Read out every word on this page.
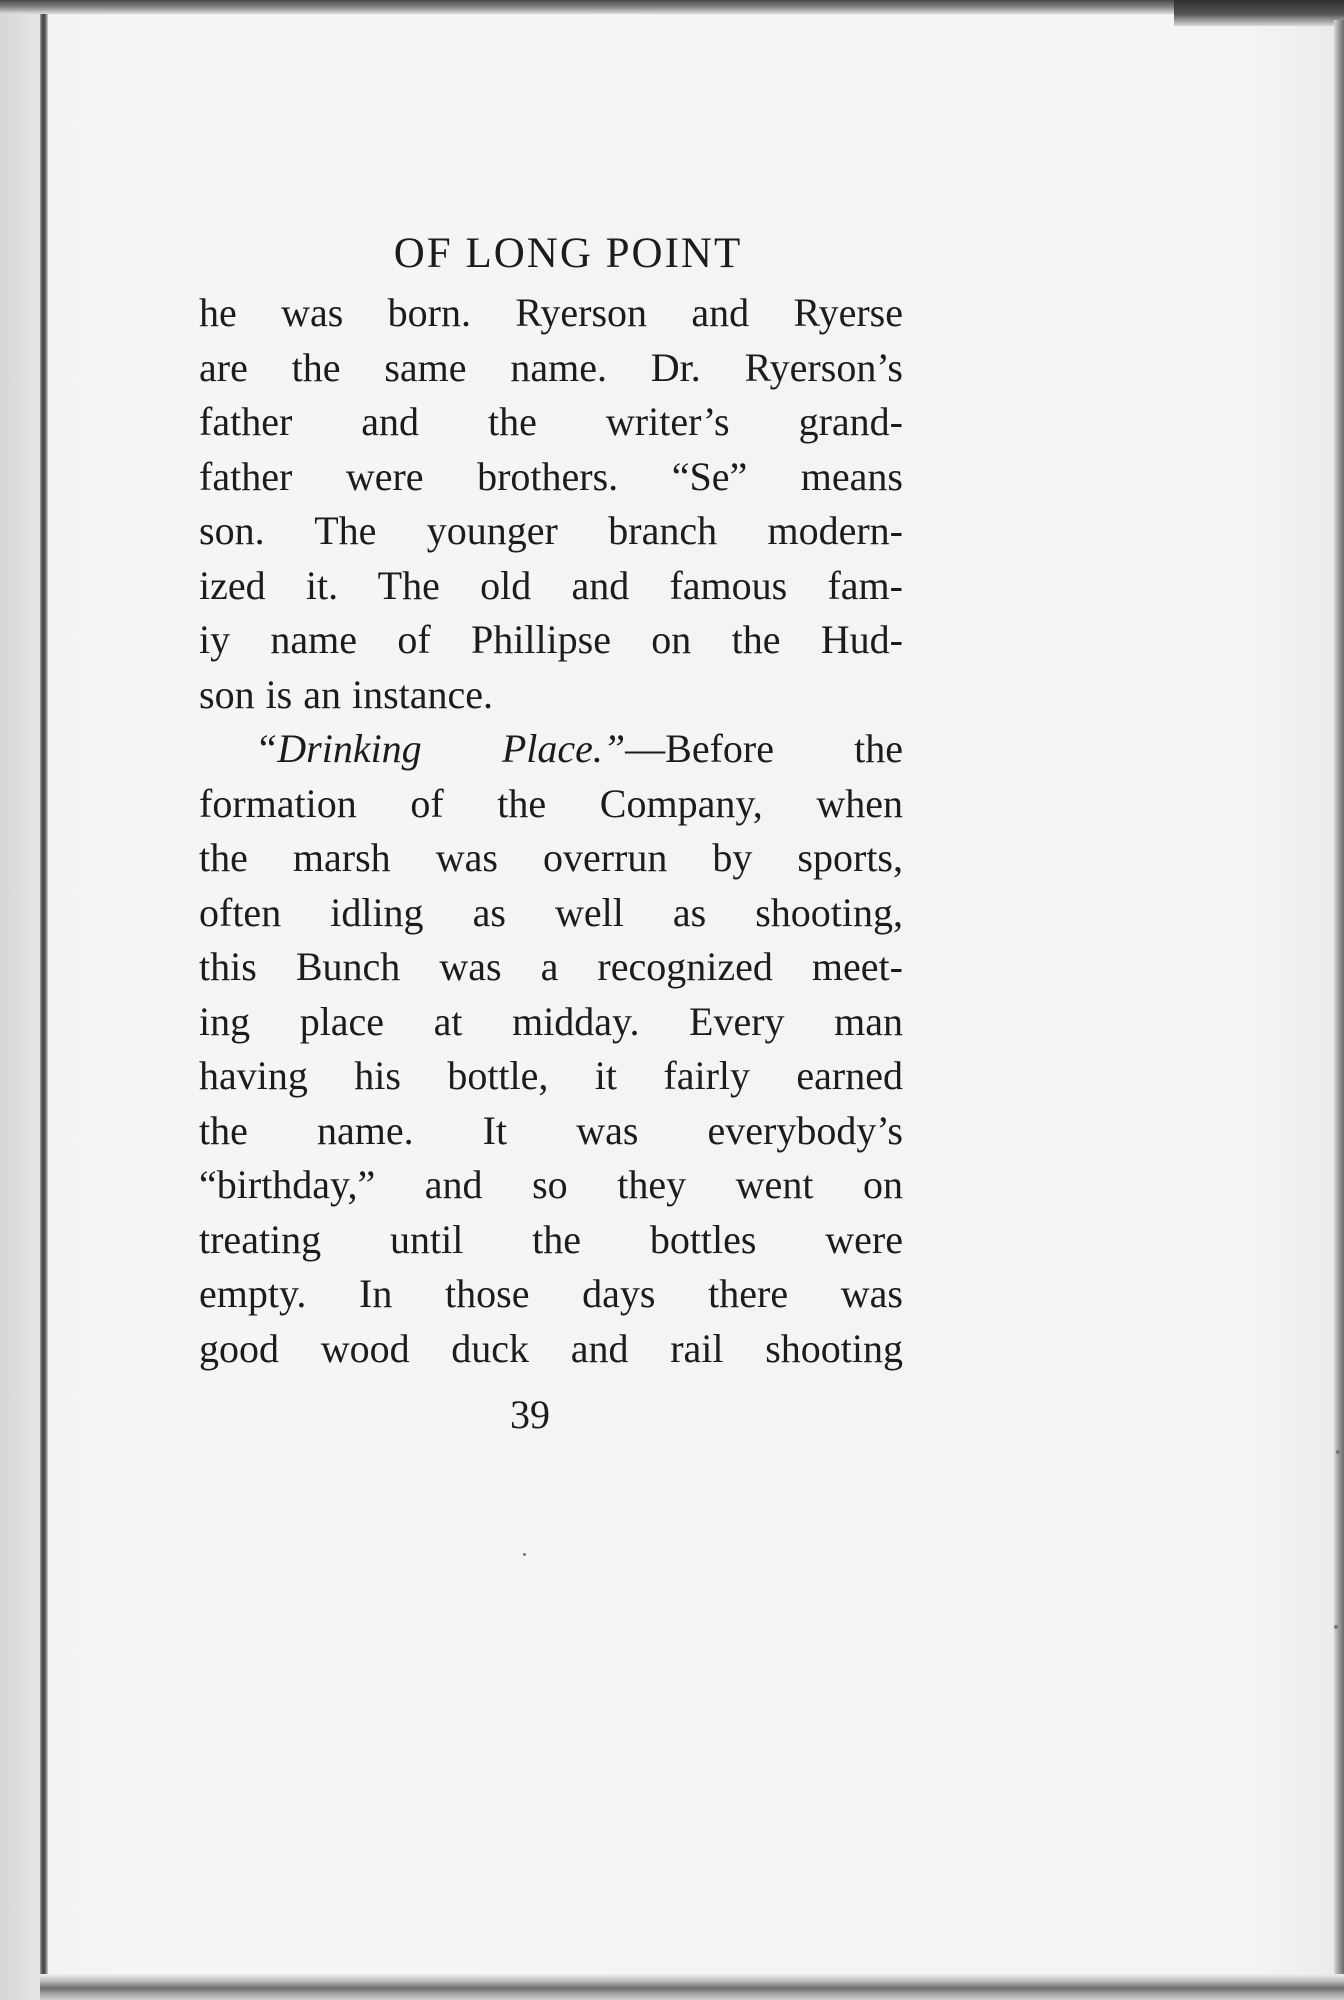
OF LONG POINT

he was born. Ryerson and Ryerse
are the same name. Dr. Ryerson’s
father and the writer’s grand-
father were brothers. “Se” means
son. The younger branch modern-
ized it. The old and famous fam-
iy name of Phillipse on the Hud-
son is an instance.

“Drinking Place.”—Before the
formation of the Company, when
the marsh was overrun by sports,
often idling as well as shooting,
this Bunch was a recognized meet-
ing place at midday. Every man
having his bottle, it fairly earned
the name. It was everybody’s
“birthday,” and so they went on
treating until the bottles were
empty. In those days there was
good wood duck and rail shooting

39
